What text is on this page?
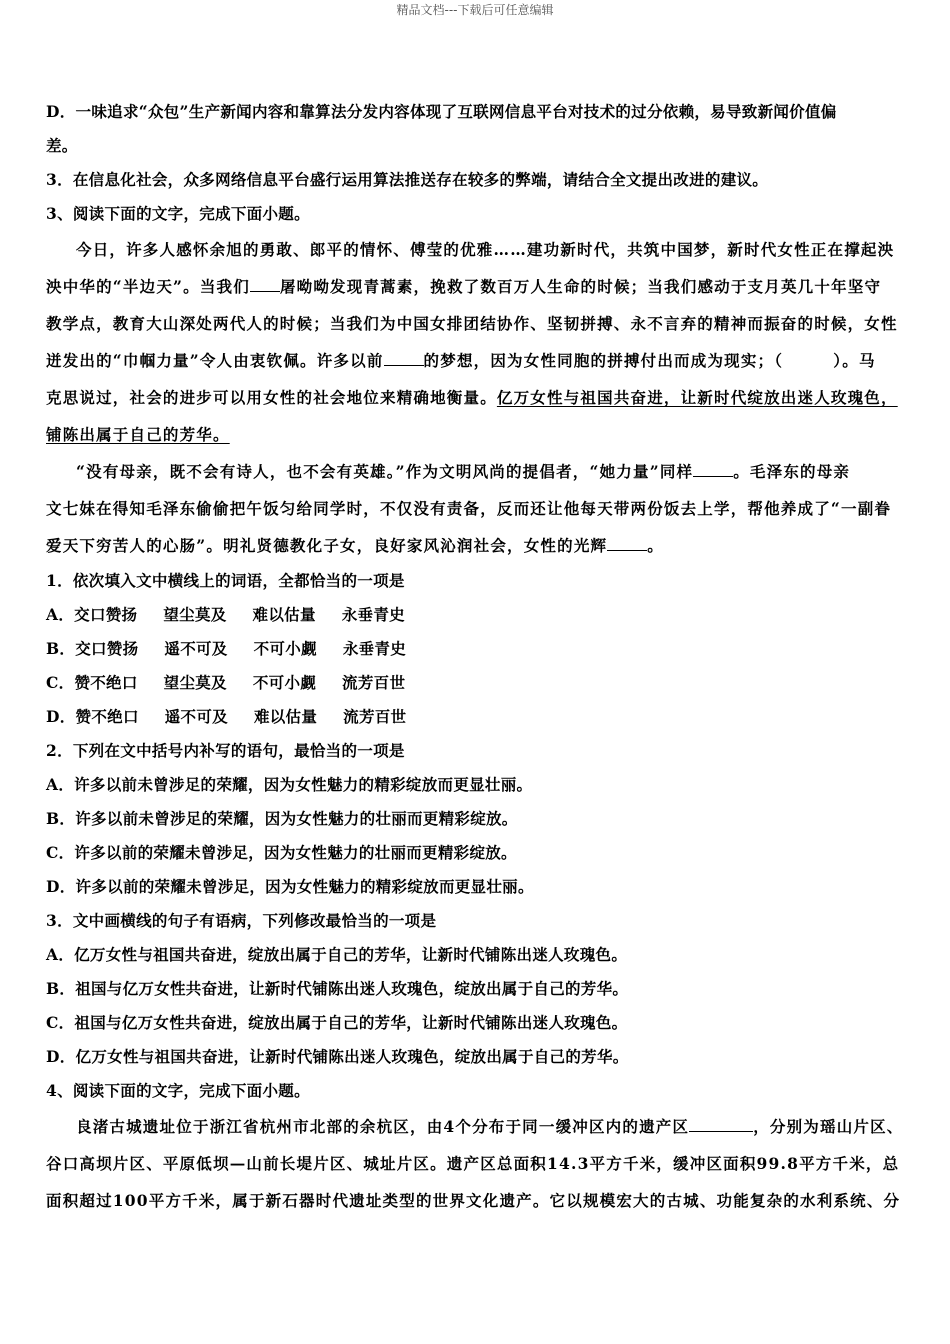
精品文档---下载后可任意编辑
D．一味追求“众包”生产新闻内容和靠算法分发内容体现了互联网信息平台对技术的过分依赖，易导致新闻价值偏
差。
3．在信息化社会，众多网络信息平台盛行运用算法推送存在较多的弊端，请结合全文提出改进的建议。
3、阅读下面的文字，完成下面小题。
今日，许多人感怀余旭的勇敢、郎平的情怀、傅莹的优雅……建功新时代，共筑中国梦，新时代女性正在撑起泱
泱中华的“半边天”。当我们 屠呦呦发现青蒿素，挽救了数百万人生命的时候；当我们感动于支月英几十年坚守
教学点，教育大山深处两代人的时候；当我们为中国女排团结协作、坚韧拼搏、永不言弃的精神而振奋的时候，女性
迸发出的“巾帼力量”令人由衷钦佩。许多以前	的梦想，因为女性同胞的拼搏付出而成为现实；（　　　）。马
克思说过，社会的进步可以用女性的社会地位来精确地衡量。亿万女性与祖国共奋进，让新时代绽放出迷人玫瑰色，
铺陈出属于自己的芳华。
“没有母亲，既不会有诗人，也不会有英雄。”作为文明风尚的提倡者，“她力量”同样	。毛泽东的母亲
文七妹在得知毛泽东偷偷把午饭匀给同学时，不仅没有责备，反而还让他每天带两份饭去上学，帮他养成了“一副眷
爱天下穷苦人的心肠”。明礼贤德教化子女，良好家风沁润社会，女性的光辉	。
1．依次填入文中横线上的词语，全都恰当的一项是
A．交口赞扬 望尘莫及 难以估量 永垂青史
B．交口赞扬 遥不可及 不可小觑 永垂青史
C．赞不绝口 望尘莫及 不可小觑 流芳百世
D．赞不绝口 遥不可及 难以估量 流芳百世
2．下列在文中括号内补写的语句，最恰当的一项是
A．许多以前未曾涉足的荣耀，因为女性魅力的精彩绽放而更显壮丽。
B．许多以前未曾涉足的荣耀，因为女性魅力的壮丽而更精彩绽放。
C．许多以前的荣耀未曾涉足，因为女性魅力的壮丽而更精彩绽放。
D．许多以前的荣耀未曾涉足，因为女性魅力的精彩绽放而更显壮丽。
3．文中画横线的句子有语病，下列修改最恰当的一项是
A．亿万女性与祖国共奋进，绽放出属于自己的芳华，让新时代铺陈出迷人玫瑰色。
B．祖国与亿万女性共奋进，让新时代铺陈出迷人玫瑰色，绽放出属于自己的芳华。
C．祖国与亿万女性共奋进，绽放出属于自己的芳华，让新时代铺陈出迷人玫瑰色。
D．亿万女性与祖国共奋进，让新时代铺陈出迷人玫瑰色，绽放出属于自己的芳华。
4、阅读下面的文字，完成下面小题。
良渚古城遗址位于浙江省杭州市北部的余杭区，由4个分布于同一缓冲区内的遗产区	，分别为瑶山片区、
谷口高坝片区、平原低坝—山前长堤片区、城址片区。遗产区总面积14.3平方千米，缓冲区面积99.8平方千米，总
面积超过100平方千米，属于新石器时代遗址类型的世界文化遗产。它以规模宏大的古城、功能复杂的水利系统、分
